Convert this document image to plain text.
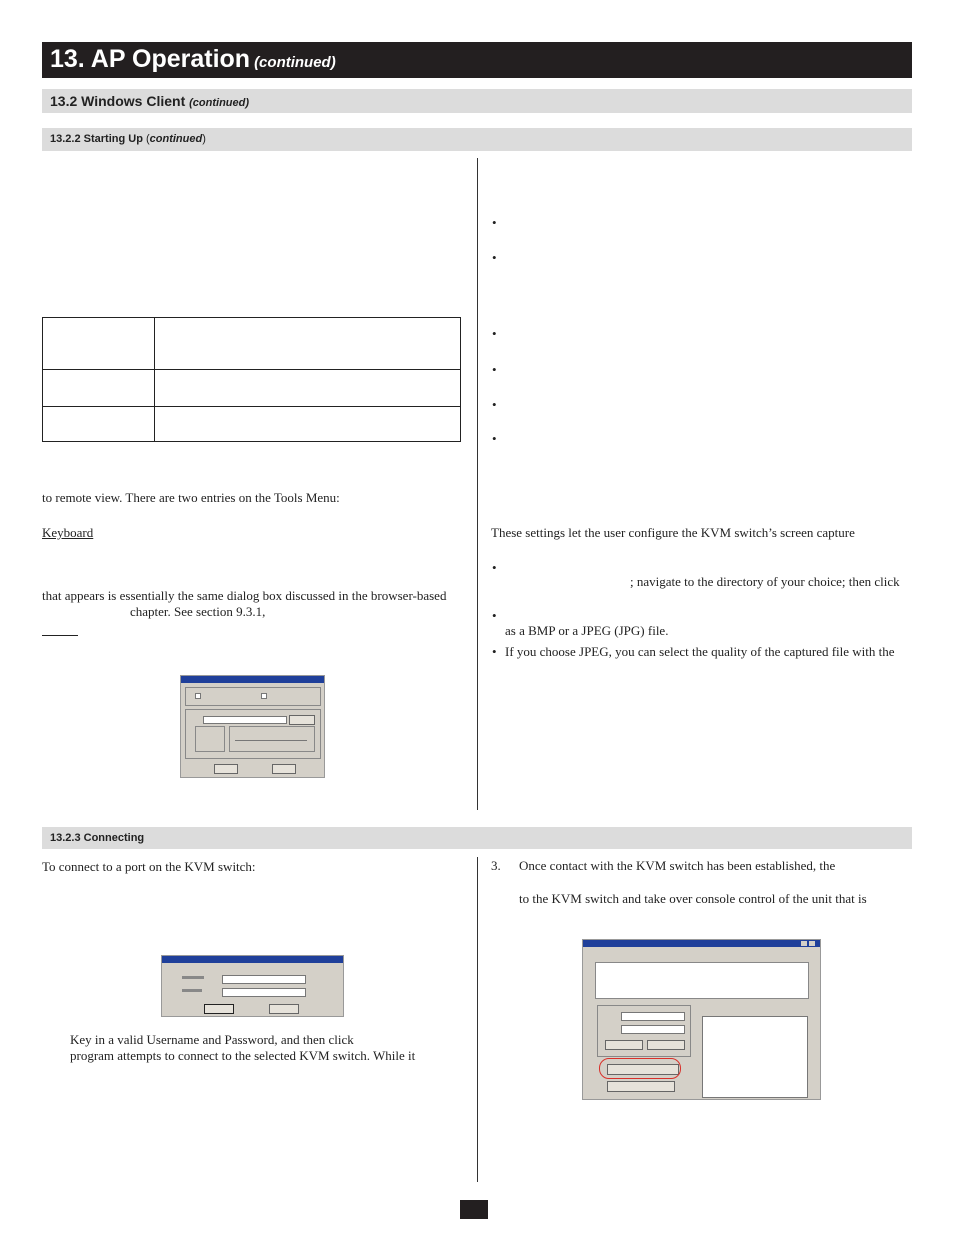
13. AP Operation (continued)
13.2 Windows Client (continued)
13.2.2 Starting Up (continued)
13.2.3 Connecting
to remote view. There are two entries on the Tools Menu:
Keyboard
that appears is essentially the same dialog box discussed in the browser-based
chapter. See section 9.3.1,
•
•
•
•
•
•
These settings let the user configure the KVM switch’s screen capture
•
; navigate to the directory of your choice; then click
•
as a BMP or a JPEG (JPG) file.
• If you choose JPEG, you can select the quality of the captured file with the
To connect to a port on the KVM switch:
Key in a valid Username and Password, and then click
program attempts to connect to the selected KVM switch. While it
3. Once contact with the KVM switch has been established, the
to the KVM switch and take over console control of the unit that is
